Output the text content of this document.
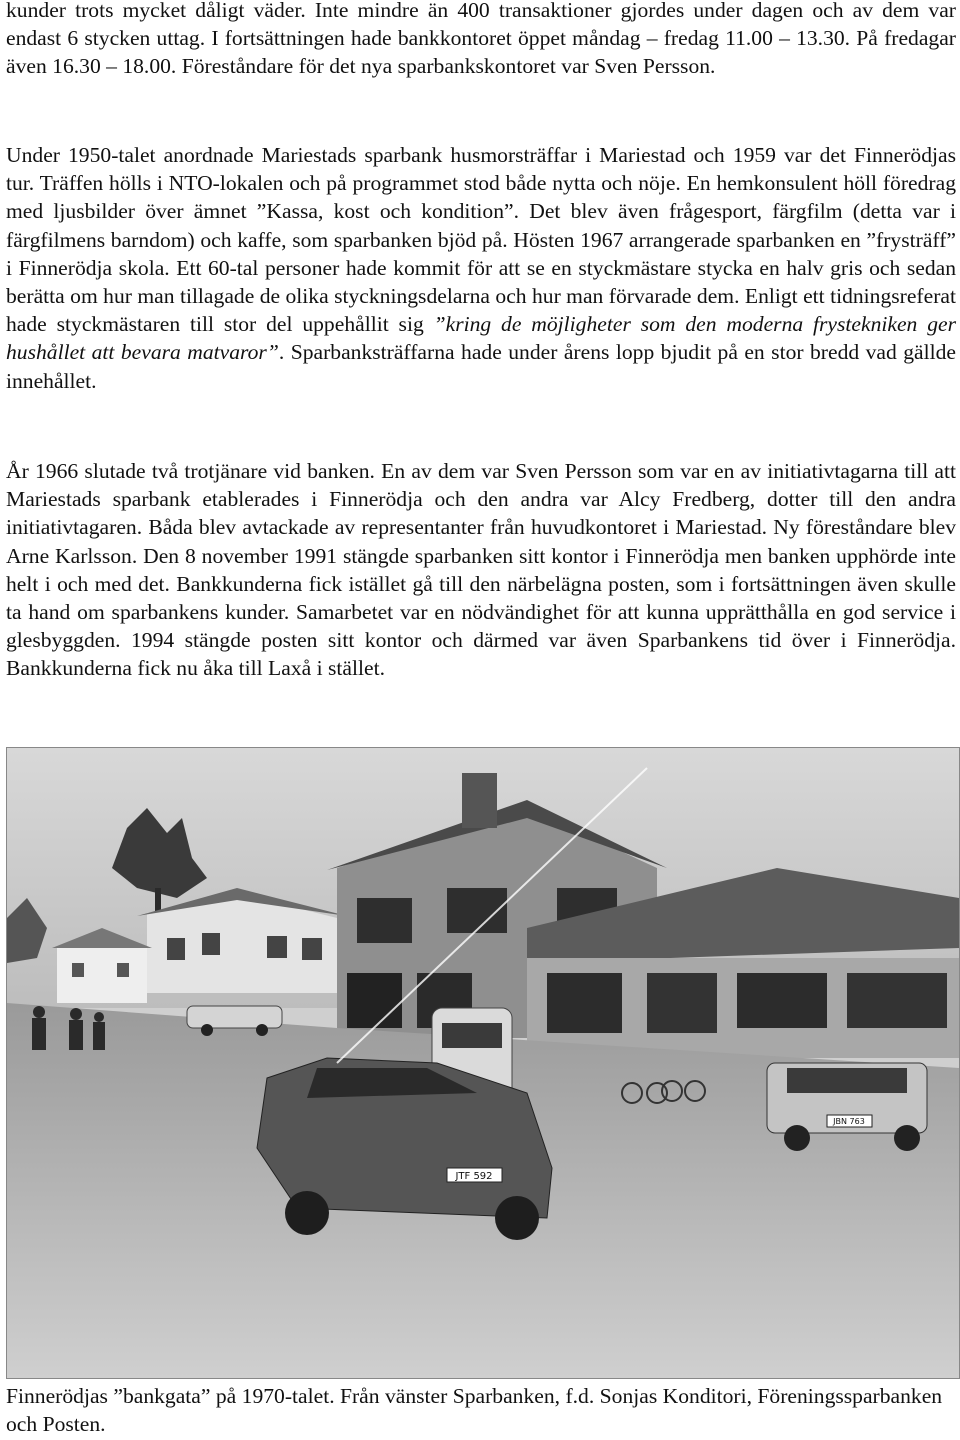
kunder trots mycket dåligt väder. Inte mindre än 400 transaktioner gjordes under dagen och av dem var endast 6 stycken uttag. I fortsättningen hade bankkontoret öppet måndag – fredag 11.00 – 13.30. På fredagar även 16.30 – 18.00. Föreståndare för det nya sparbankskontoret var Sven Persson.

Under 1950-talet anordnade Mariestads sparbank husmorsträffar i Mariestad och 1959 var det Finnerödjas tur. Träffen hölls i NTO-lokalen och på programmet stod både nytta och nöje. En hemkonsulent höll föredrag med ljusbilder över ämnet ”Kassa, kost och kondition”. Det blev även frågesport, färgfilm (detta var i färgfilmens barndom) och kaffe, som sparbanken bjöd på. Hösten 1967 arrangerade sparbanken en ”frysträff” i Finnerödja skola. Ett 60-tal personer hade kommit för att se en styckmästare stycka en halv gris och sedan berätta om hur man tillagade de olika styckningsdelarna och hur man förvarade dem. Enligt ett tidningsreferat hade styckmästaren till stor del uppehållit sig ”kring de möjligheter som den moderna frystekniken ger hushållet att bevara matvaror”. Sparbanksträffarna hade under årens lopp bjudit på en stor bredd vad gällde innehållet.

År 1966 slutade två trotjänare vid banken. En av dem var Sven Persson som var en av initiativtagarna till att Mariestads sparbank etablerades i Finnerödja och den andra var Alcy Fredberg, dotter till den andra initiativtagaren. Båda blev avtackade av representanter från huvudkontoret i Mariestad. Ny föreståndare blev Arne Karlsson. Den 8 november 1991 stängde sparbanken sitt kontor i Finnerödja men banken upphörde inte helt i och med det. Bankkunderna fick istället gå till den närbelägna posten, som i fortsättningen även skulle ta hand om sparbankens kunder. Samarbetet var en nödvändighet för att kunna upprätthålla en god service i glesbyggden. 1994 stängde posten sitt kontor och därmed var även Sparbankens tid över i Finnerödja. Bankkunderna fick nu åka till Laxå i stället.

JBN 763
JTF 592

Finnerödjas ”bankgata” på 1970-talet. Från vänster Sparbanken, f.d. Sonjas Konditori, Föreningssparbanken och Posten.
